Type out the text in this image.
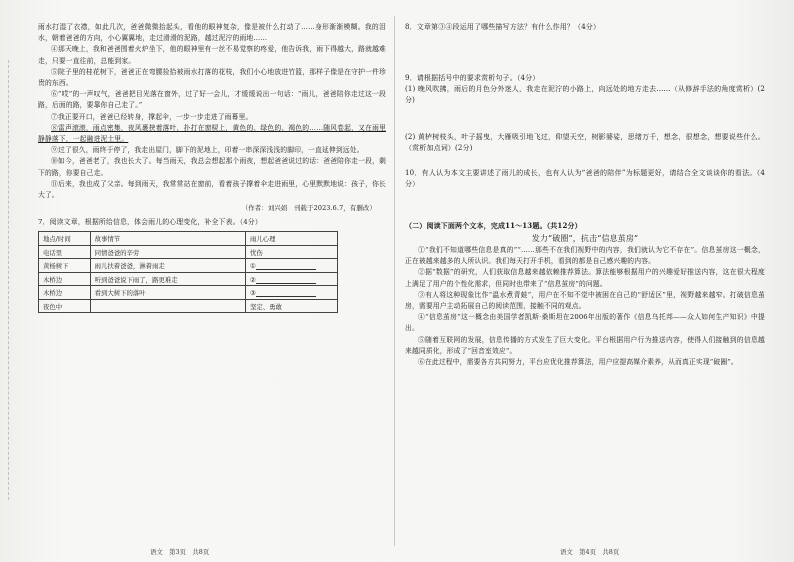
雨水打湿了衣襟，如此几次，爸爸微微抬起头，看他的眼神复杂，像是被什么打动了……身形渐渐模糊。我的泪水，朝着爸爸的方向，小心翼翼地，走过滑滑的泥路，越过泥泞的雨地……

④那天晚上，我和爸爸围着火炉坐下，他的眼神里有一丝不易觉察的疼爱，他告诉我，雨下得越大，路就越难走，只要一直往前，总能到家。

⑤院子里的桂花树下，爸爸正在弯腰捡拾被雨水打落的花枝，我们小心地放进竹篮，那样子像是在守护一件珍贵的东西。

⑥“哎”的一声叹气，爸爸把目光落在窗外，过了好一会儿，才缓缓说出一句话：“雨儿，爸爸陪你走过这一段路，后面的路，要靠你自己走了。”

⑦我正要开口，爸爸已经转身，撑起伞，一步一步走进了雨幕里。

⑧雷声滚滚，雨点密集，夜风裹挟着落叶，扑打在窗棂上，黄色的、绿色的、褐色的……随风卷起，又在雨里静静落下，一起融进泥土里。

⑨过了很久，雨终于停了，我走出屋门，脚下的泥地上，印着一串深深浅浅的脚印，一直延伸到远处。

⑩如今，爸爸老了，我也长大了。每当雨天，我总会想起那个雨夜，想起爸爸说过的话：爸爸陪你走一段，剩下的路，你要自己走。

⑪后来，我也成了父亲。每到雨天，我常常站在窗前，看着孩子撑着伞走进雨里，心里默默地说：孩子，你长大了。

（作者：刘兴娟　刊载于2023.6.7，有删改）

7．阅读文章，根据所给信息，体会雨儿的心理变化，补全下表。（4分）

地点/时间	故事情节	雨儿心理
电话里	同情爸爸的辛劳	忧伤
黄杨树下	雨儿扶着爸爸，淋着雨走	①
木桥边	听到爸爸说下雨了，路更难走	②
木桥边	看到大树下的落叶	③
夜色中		坚定、勇敢

8．文章第③④段运用了哪些描写方法？有什么作用？（4分）

9．请根据括号中的要求赏析句子。（4分）

(1) 晚风吹拂，雨后的月色分外迷人，我走在泥泞的小路上，向远处的地方走去……（从修辞手法的角度赏析）(2分)

(2) 黄栌树枝头，叶子摇曳，大雁吸引地飞过，仰望天空，树影婆娑，思绪万千，想念，很想念，想要说些什么。（赏析加点词）(2分)

10．有人认为本文主要讲述了雨儿的成长，也有人认为“爸爸的陪伴”为标题更好，请结合全文谈谈你的看法。（4分）

（二）阅读下面两个文本，完成11～13题。（共12分）

发力“破圈”，抗击“信息茧房”

①“我们不知道哪些信息是真的”“……那些不在我们视野中的内容，我们就认为它不存在”。信息茧房这一概念，正在被越来越多的人所认识。我们每天打开手机，看到的都是自己感兴趣的内容。

②据“数据”的研究，人们获取信息越来越依赖推荐算法。算法能够根据用户的兴趣爱好推送内容，这在很大程度上满足了用户的个性化需求，但同时也带来了“信息茧房”的问题。

③有人将这种现象比作“温水煮青蛙”，用户在不知不觉中被困在自己的“舒适区”里，视野越来越窄。打破信息茧房，需要用户主动拓展自己的阅读范围，接触不同的观点。

④“信息茧房”这一概念由美国学者凯斯·桑斯坦在2006年出版的著作《信息乌托邦——众人如何生产知识》中提出。

⑤随着互联网的发展，信息传播的方式发生了巨大变化。平台根据用户行为推送内容，使得人们接触到的信息越来越同质化，形成了“回音室效应”。

⑥在此过程中，需要各方共同努力，平台应优化推荐算法，用户应提高媒介素养，从而真正实现“破圈”。

语文　第3页　共8页	语文　第4页　共8页
